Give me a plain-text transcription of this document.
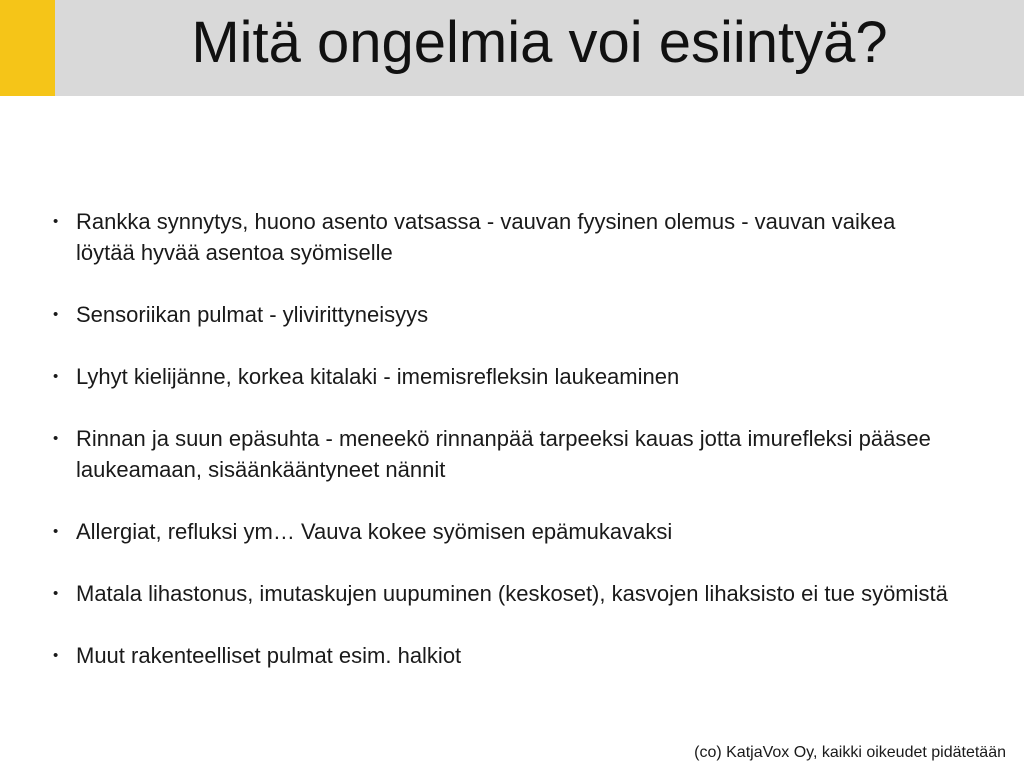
Mitä ongelmia voi esiintyä?
• Rankka synnytys, huono asento vatsassa - vauvan fyysinen olemus - vauvan vaikea löytää hyvää asentoa syömiselle
• Sensoriikan pulmat - ylivirittyneisyys
• Lyhyt kielijänne, korkea kitalaki - imemisrefleksin laukeaminen
• Rinnan ja suun epäsuhta - meneekö rinnanpää tarpeeksi kauas jotta imurefleksi pääsee laukeamaan, sisäänkääntyneet nännit
• Allergiat, refluksi ym… Vauva kokee syömisen epämukavaksi
• Matala lihastonus, imutaskujen uupuminen (keskoset), kasvojen lihaksisto ei tue syömistä
• Muut rakenteelliset pulmat esim. halkiot
(co) KatjaVox Oy, kaikki oikeudet pidätetään
